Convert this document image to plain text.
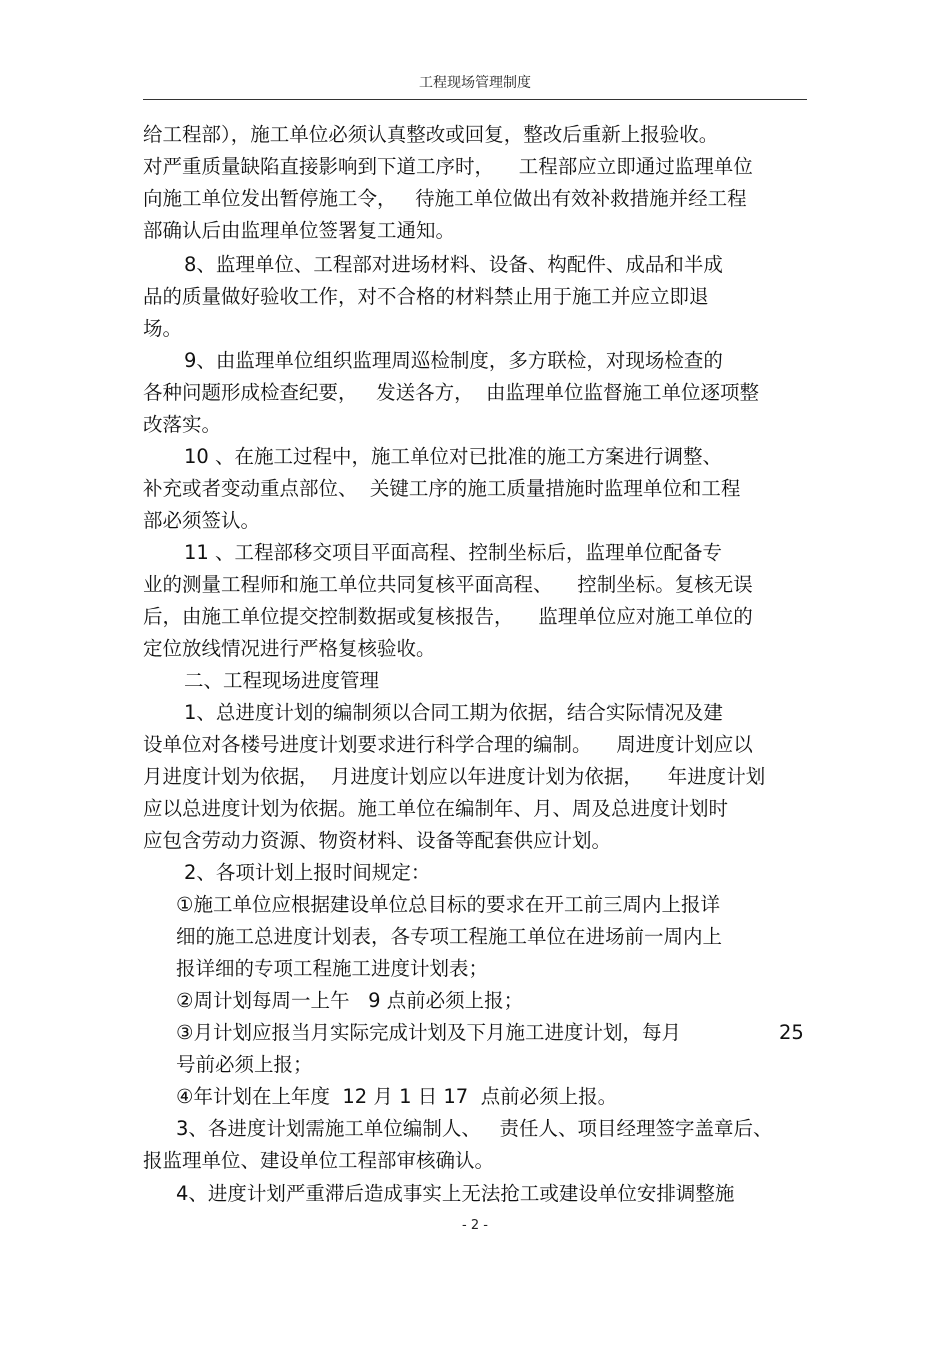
工程现场管理制度
给工程部），施工单位必须认真整改或回复，整改后重新上报验收。
对严重质量缺陷直接影响到下道工序时，    工程部应立即通过监理单位
向施工单位发出暂停施工令，   待施工单位做出有效补救措施并经工程
部确认后由监理单位签署复工通知。
8、监理单位、工程部对进场材料、设备、构配件、成品和半成
品的质量做好验收工作，对不合格的材料禁止用于施工并应立即退
场。
9、由监理单位组织监理周巡检制度，多方联检，对现场检查的
各种问题形成检查纪要，   发送各方，  由监理单位监督施工单位逐项整
改落实。
10 、在施工过程中，施工单位对已批准的施工方案进行调整、
补充或者变动重点部位、  关键工序的施工质量措施时监理单位和工程
部必须签认。
11 、工程部移交项目平面高程、控制坐标后，监理单位配备专
业的测量工程师和施工单位共同复核平面高程、    控制坐标。复核无误
后，由施工单位提交控制数据或复核报告，    监理单位应对施工单位的
定位放线情况进行严格复核验收。
二、工程现场进度管理
1、总进度计划的编制须以合同工期为依据，结合实际情况及建
设单位对各楼号进度计划要求进行科学合理的编制。    周进度计划应以
月进度计划为依据，  月进度计划应以年进度计划为依据，    年进度计划
应以总进度计划为依据。施工单位在编制年、月、周及总进度计划时
应包含劳动力资源、物资材料、设备等配套供应计划。
2、各项计划上报时间规定：
①施工单位应根据建设单位总目标的要求在开工前三周内上报详
细的施工总进度计划表，各专项工程施工单位在进场前一周内上
报详细的专项工程施工进度计划表；
②周计划每周一上午   9 点前必须上报；
③月计划应报当月实际完成计划及下月施工进度计划，每月	25
号前必须上报；
④年计划在上年度  12 月 1 日 17  点前必须上报。
3、各进度计划需施工单位编制人、   责任人、项目经理签字盖章后、
报监理单位、建设单位工程部审核确认。
4、进度计划严重滞后造成事实上无法抢工或建设单位安排调整施
- 2 -
